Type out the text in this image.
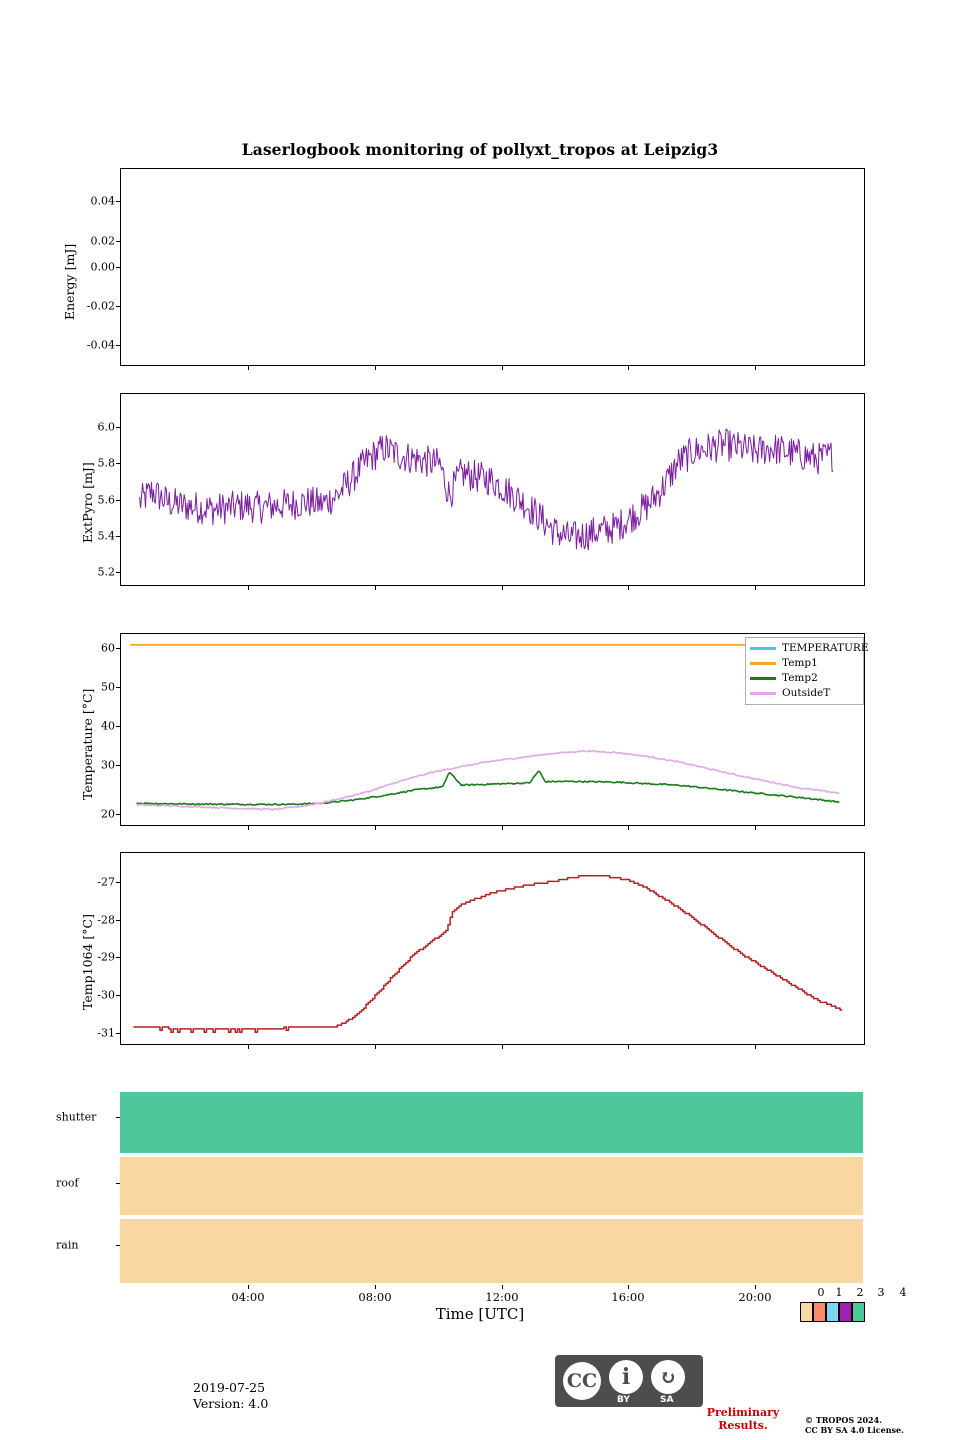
Laserlogbook monitoring of pollyxt_tropos at Leipzig3
Energy [mJ]
0.04
0.02
0.00
-0.02
-0.04
ExtPyro [mJ]
6.0
5.8
5.6
5.4
5.2
Temperature [°C]
60
50
40
30
20
TEMPERATURE
Temp1
Temp2
OutsideT
Temp1064 [°C]
-27
-28
-29
-30
-31
shutter
roof
rain
04:00	08:00	12:00	16:00	20:00
Time [UTC]
0 1 2 3 4
2019-07-25
Version: 4.0
CC	i	↻
BY	SA
Preliminary Results.	© TROPOS 2024.
CC BY SA 4.0 License.
